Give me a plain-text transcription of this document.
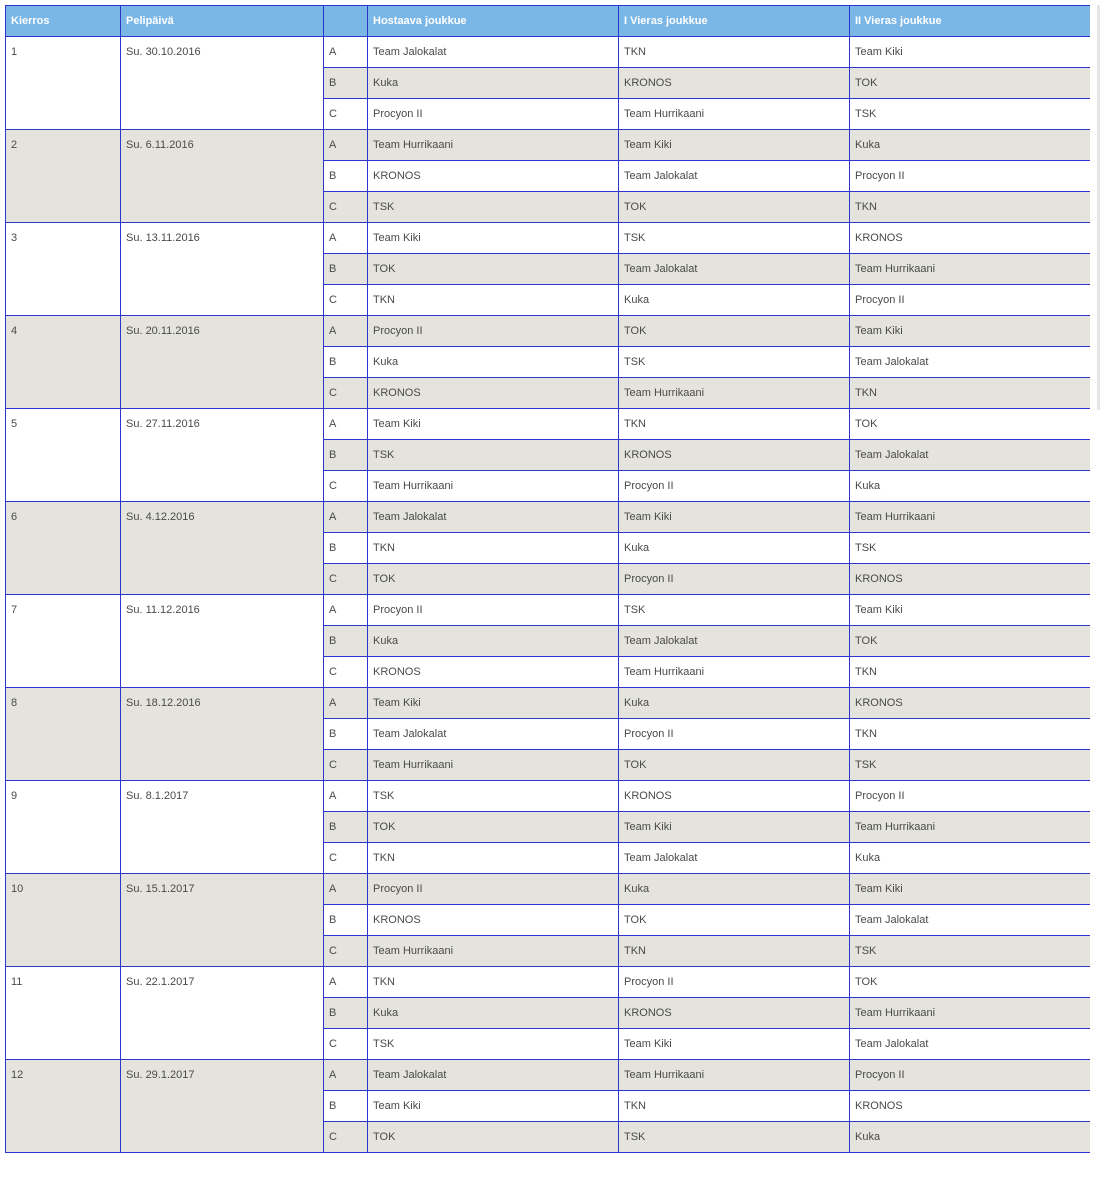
Kierros	Pelipäivä		Hostaava joukkue	I Vieras joukkue	II Vieras joukkue
1	Su. 30.10.2016	A	Team Jalokalat	TKN	Team Kiki
		B	Kuka	KRONOS	TOK
		C	Procyon II	Team Hurrikaani	TSK
2	Su. 6.11.2016	A	Team Hurrikaani	Team Kiki	Kuka
		B	KRONOS	Team Jalokalat	Procyon II
		C	TSK	TOK	TKN
3	Su. 13.11.2016	A	Team Kiki	TSK	KRONOS
		B	TOK	Team Jalokalat	Team Hurrikaani
		C	TKN	Kuka	Procyon II
4	Su. 20.11.2016	A	Procyon II	TOK	Team Kiki
		B	Kuka	TSK	Team Jalokalat
		C	KRONOS	Team Hurrikaani	TKN
5	Su. 27.11.2016	A	Team Kiki	TKN	TOK
		B	TSK	KRONOS	Team Jalokalat
		C	Team Hurrikaani	Procyon II	Kuka
6	Su. 4.12.2016	A	Team Jalokalat	Team Kiki	Team Hurrikaani
		B	TKN	Kuka	TSK
		C	TOK	Procyon II	KRONOS
7	Su. 11.12.2016	A	Procyon II	TSK	Team Kiki
		B	Kuka	Team Jalokalat	TOK
		C	KRONOS	Team Hurrikaani	TKN
8	Su. 18.12.2016	A	Team Kiki	Kuka	KRONOS
		B	Team Jalokalat	Procyon II	TKN
		C	Team Hurrikaani	TOK	TSK
9	Su. 8.1.2017	A	TSK	KRONOS	Procyon II
		B	TOK	Team Kiki	Team Hurrikaani
		C	TKN	Team Jalokalat	Kuka
10	Su. 15.1.2017	A	Procyon II	Kuka	Team Kiki
		B	KRONOS	TOK	Team Jalokalat
		C	Team Hurrikaani	TKN	TSK
11	Su. 22.1.2017	A	TKN	Procyon II	TOK
		B	Kuka	KRONOS	Team Hurrikaani
		C	TSK	Team Kiki	Team Jalokalat
12	Su. 29.1.2017	A	Team Jalokalat	Team Hurrikaani	Procyon II
		B	Team Kiki	TKN	KRONOS
		C	TOK	TSK	Kuka
